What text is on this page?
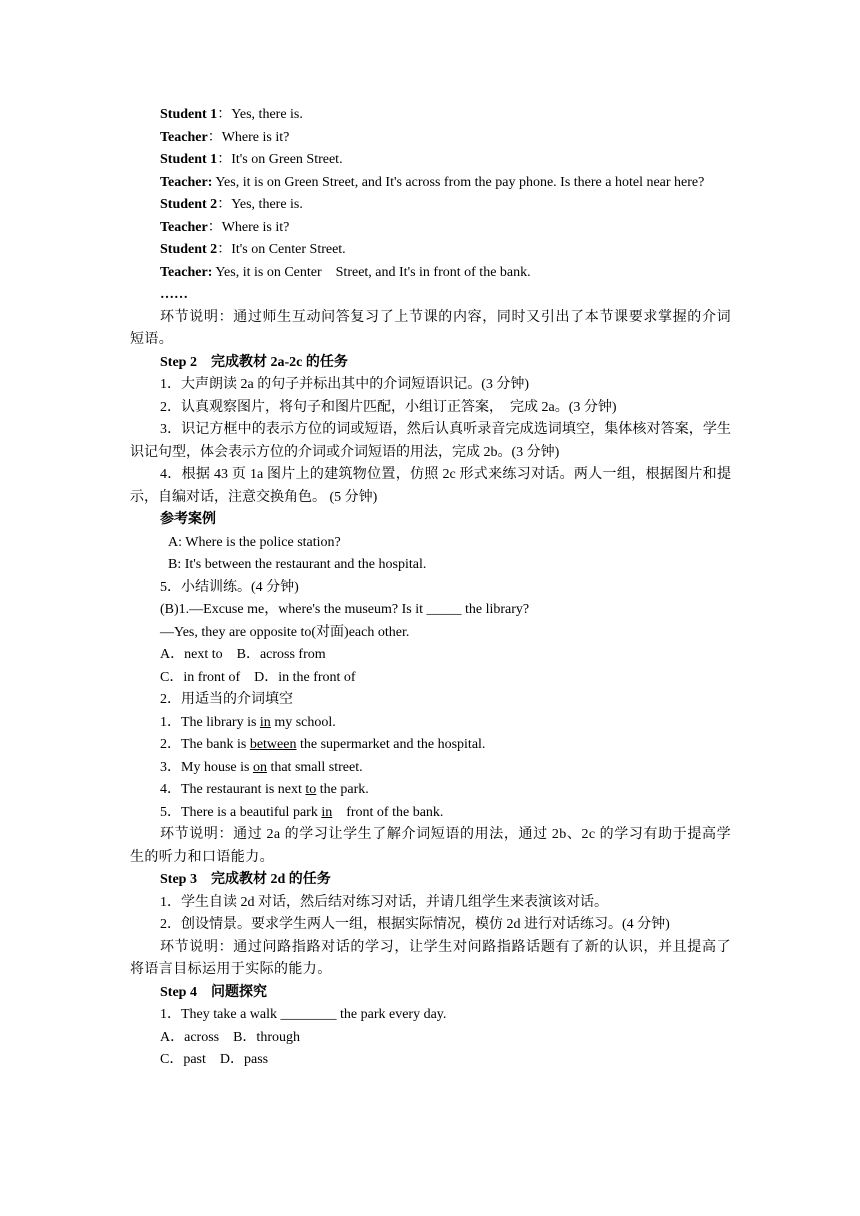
Student 1：Yes, there is.
Teacher：Where is it?
Student 1：It's on Green Street.
Teacher: Yes, it is on Green Street, and It's across from the pay phone. Is there a hotel near here?
Student 2：Yes, there is.
Teacher：Where is it?
Student 2：It's on Center Street.
Teacher: Yes, it is on Center　Street, and It's in front of the bank.
……
环节说明：通过师生互动问答复习了上节课的内容，同时又引出了本节课要求掌握的介词短语。
Step 2 完成教材 2a-2c 的任务
1．大声朗读 2a 的句子并标出其中的介词短语识记。(3 分钟)
2．认真观察图片，将句子和图片匹配，小组订正答案，　完成 2a。(3 分钟)
3．识记方框中的表示方位的词或短语，然后认真听录音完成选词填空，集体核对答案，学生识记句型，体会表示方位的介词或介词短语的用法，完成 2b。(3 分钟)
4．根据 43 页 1a 图片上的建筑物位置，仿照 2c 形式来练习对话。两人一组，根据图片和提示，自编对话，注意交换角色。 (5 分钟)
参考案例
A: Where is the police station?
B: It's between the restaurant and the hospital.
5．小结训练。(4 分钟)
(B)1.—Excuse me，where's the museum? Is it _____ the library?
—Yes, they are opposite to(对面)each other.
A．next to　B．across from
C．in front of　D．in the front of
2．用适当的介词填空
1．The library is in my school.
2．The bank is between the supermarket and the hospital.
3．My house is on that small street.
4．The restaurant is next to the park.
5．There is a beautiful park in　front of the bank.
环节说明：通过 2a 的学习让学生了解介词短语的用法，通过 2b、2c 的学习有助于提高学生的听力和口语能力。
Step 3 完成教材 2d 的任务
1．学生自读 2d 对话，然后结对练习对话，并请几组学生来表演该对话。
2．创设情景。要求学生两人一组，根据实际情况，模仿 2d 进行对话练习。(4 分钟)
环节说明：通过问路指路对话的学习，让学生对问路指路话题有了新的认识，并且提高了将语言目标运用于实际的能力。
Step 4 问题探究
1．They take a walk ________ the park every day.
A．across　B．through
C．past　D．pass
